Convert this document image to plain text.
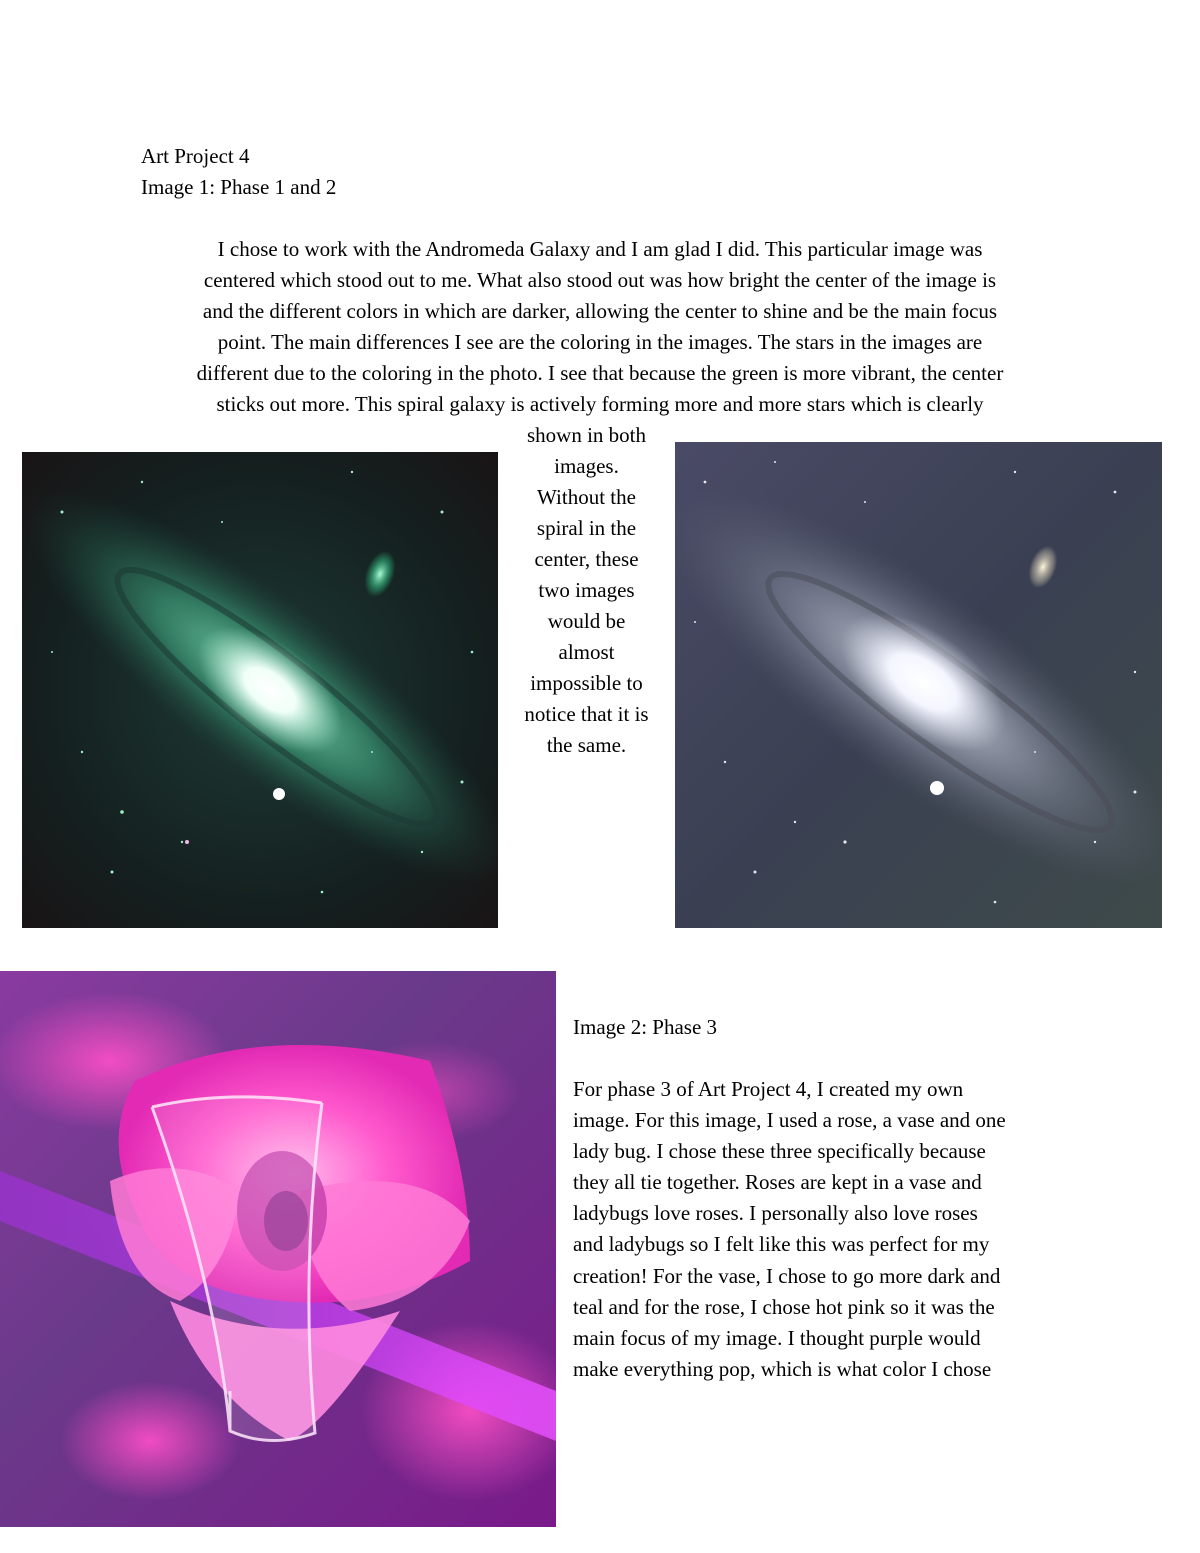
Art Project 4
Image 1: Phase 1 and 2
I chose to work with the Andromeda Galaxy and I am glad I did. This particular image was
centered which stood out to me. What also stood out was how bright the center of the image is
and the different colors in which are darker, allowing the center to shine and be the main focus
point. The main differences I see are the coloring in the images. The stars in the images are
different due to the coloring in the photo. I see that because the green is more vibrant, the center
sticks out more. This spiral galaxy is actively forming more and more stars which is clearly
shown in both
images.
Without the
spiral in the
center, these
two images
would be
almost
impossible to
notice that it is
the same.
Image 2: Phase 3
For phase 3 of Art Project 4, I created my own
image. For this image, I used a rose, a vase and one
lady bug. I chose these three specifically because
they all tie together. Roses are kept in a vase and
ladybugs love roses. I personally also love roses
and ladybugs so I felt like this was perfect for my
creation! For the vase, I chose to go more dark and
teal and for the rose, I chose hot pink so it was the
main focus of my image. I thought purple would
make everything pop, which is what color I chose
